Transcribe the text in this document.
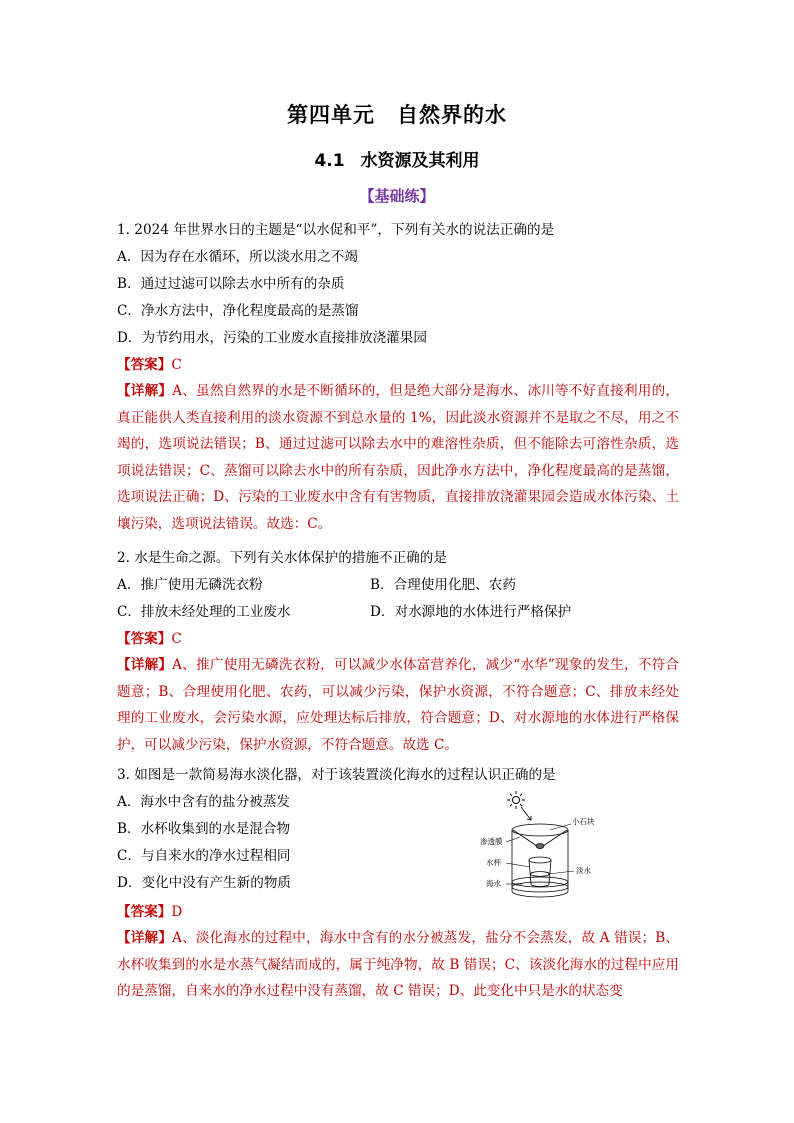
第四单元 自然界的水
4.1 水资源及其利用
【基础练】
1. 2024 年世界水日的主题是“以水促和平”，下列有关水的说法正确的是
A．因为存在水循环，所以淡水用之不竭
B．通过过滤可以除去水中所有的杂质
C．净水方法中，净化程度最高的是蒸馏
D．为节约用水，污染的工业废水直接排放浇灌果园
【答案】C
【详解】A、虽然自然界的水是不断循环的，但是绝大部分是海水、冰川等不好直接利用的，真正能供人类直接利用的淡水资源不到总水量的 1%，因此淡水资源并不是取之不尽，用之不竭的，选项说法错误；B、通过过滤可以除去水中的难溶性杂质，但不能除去可溶性杂质，选项说法错误；C、蒸馏可以除去水中的所有杂质，因此净水方法中，净化程度最高的是蒸馏，选项说法正确；D、污染的工业废水中含有有害物质，直接排放浇灌果园会造成水体污染、土壤污染，选项说法错误。故选：C。
2. 水是生命之源。下列有关水体保护的措施不正确的是
A．推广使用无磷洗衣粉	B．合理使用化肥、农药
C．排放未经处理的工业废水	D．对水源地的水体进行严格保护
【答案】C
【详解】A、推广使用无磷洗衣粉，可以减少水体富营养化，减少“水华”现象的发生，不符合题意；B、合理使用化肥、农药，可以减少污染，保护水资源，不符合题意；C、排放未经处理的工业废水，会污染水源，应处理达标后排放，符合题意；D、对水源地的水体进行严格保护，可以减少污染，保护水资源，不符合题意。故选 C。
3. 如图是一款简易海水淡化器，对于该装置淡化海水的过程认识正确的是
A．海水中含有的盐分被蒸发
B．水杯收集到的水是混合物
C．与自来水的净水过程相同
D．变化中没有产生新的物质
小石块
渗透膜
水杯
淡水
海水
【答案】D
【详解】A、淡化海水的过程中，海水中含有的水分被蒸发，盐分不会蒸发，故 A 错误；B、水杯收集到的水是水蒸气凝结而成的，属于纯净物，故 B 错误；C、该淡化海水的过程中应用的是蒸馏，自来水的净水过程中没有蒸馏，故 C 错误；D、此变化中只是水的状态变
